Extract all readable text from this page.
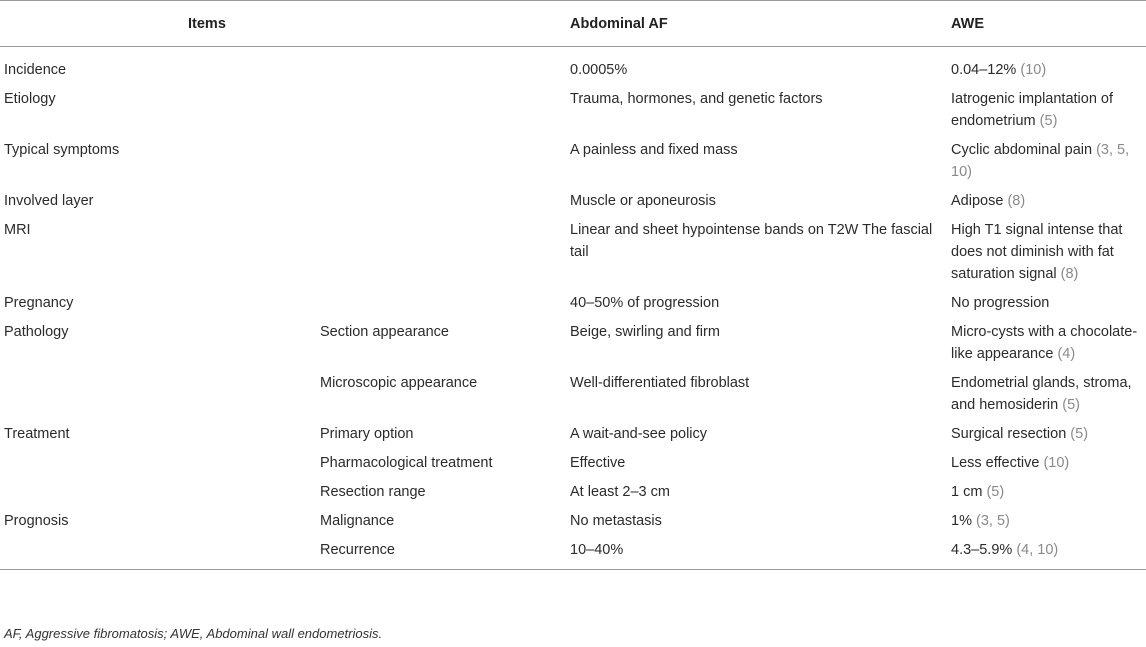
Items		Abdominal AF	AWE
Incidence		0.0005%	0.04–12% (10)
Etiology		Trauma, hormones, and genetic factors	Iatrogenic implantation of endometrium (5)
Typical symptoms		A painless and fixed mass	Cyclic abdominal pain (3, 5, 10)
Involved layer		Muscle or aponeurosis	Adipose (8)
MRI		Linear and sheet hypointense bands on T2W The fascial tail	High T1 signal intense that does not diminish with fat saturation signal (8)
Pregnancy		40–50% of progression	No progression
Pathology	Section appearance	Beige, swirling and firm	Micro-cysts with a chocolate-like appearance (4)
	Microscopic appearance	Well-differentiated fibroblast	Endometrial glands, stroma, and hemosiderin (5)
Treatment	Primary option	A wait-and-see policy	Surgical resection (5)
	Pharmacological treatment	Effective	Less effective (10)
	Resection range	At least 2–3 cm	1 cm (5)
Prognosis	Malignance	No metastasis	1% (3, 5)
	Recurrence	10–40%	4.3–5.9% (4, 10)
AF, Aggressive fibromatosis; AWE, Abdominal wall endometriosis.
